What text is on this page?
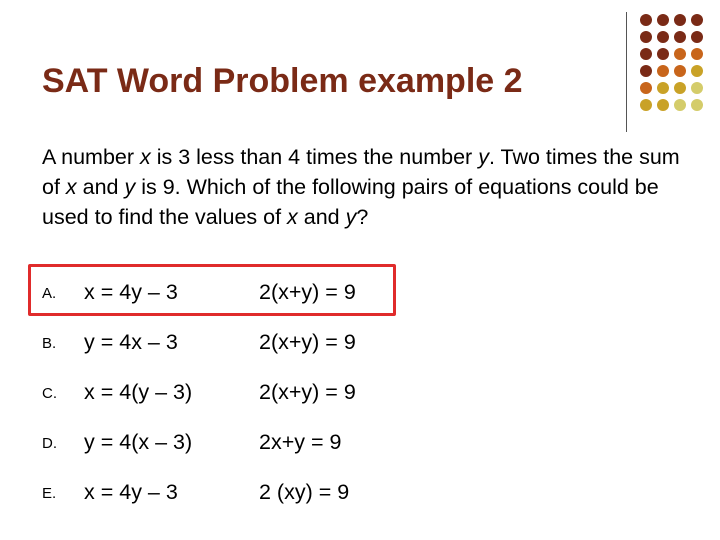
SAT Word Problem example 2

A number x is 3 less than 4 times the number y. Two times the sum of x and y is 9. Which of the following pairs of equations could be used to find the values of x and y?

A. x = 4y – 3	2(x+y) = 9
B. y = 4x – 3	2(x+y) = 9
C. x = 4(y – 3)	2(x+y) = 9
D. y = 4(x – 3)	2x+y = 9
E. x = 4y – 3	2 (xy) = 9
